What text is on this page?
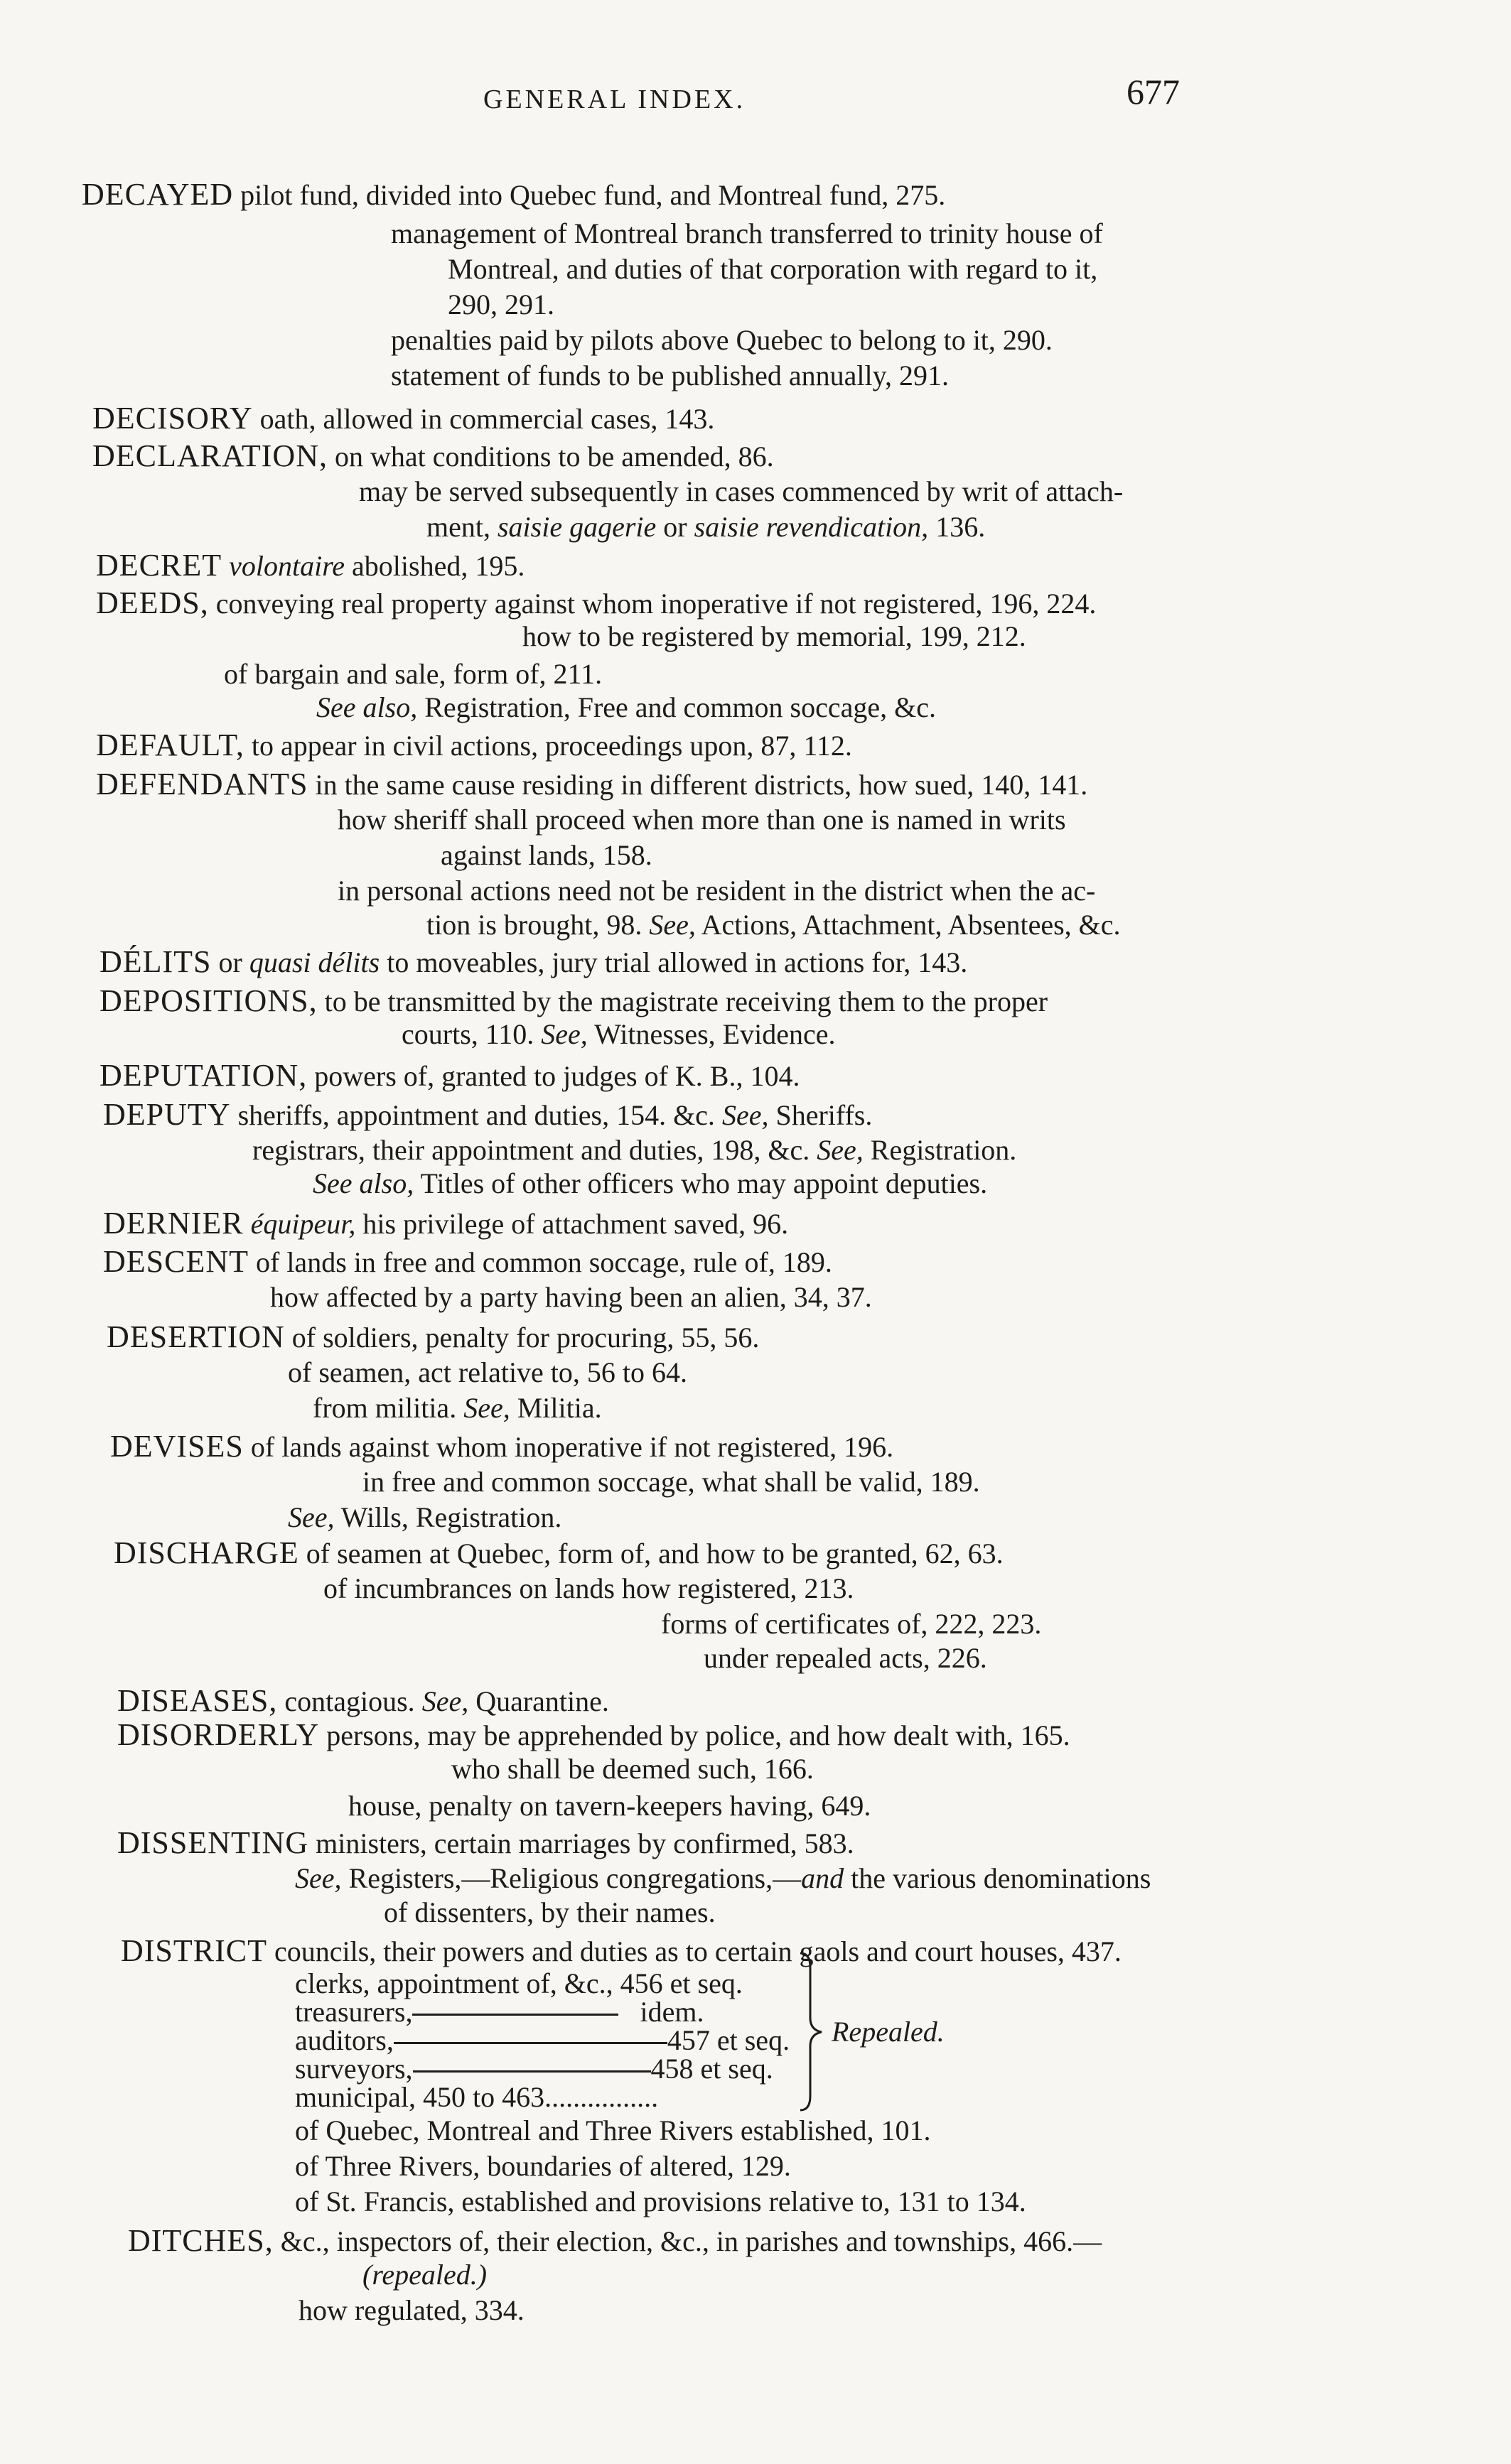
GENERAL INDEX.	677
DECAYED pilot fund, divided into Quebec fund, and Montreal fund, 275.
management of Montreal branch transferred to trinity house of
Montreal, and duties of that corporation with regard to it,
290, 291.
penalties paid by pilots above Quebec to belong to it, 290.
statement of funds to be published annually, 291.
DECISORY oath, allowed in commercial cases, 143.
DECLARATION, on what conditions to be amended, 86.
may be served subsequently in cases commenced by writ of attach-
ment, saisie gagerie or saisie revendication, 136.
DECRET volontaire abolished, 195.
DEEDS, conveying real property against whom inoperative if not registered, 196, 224.
how to be registered by memorial, 199, 212.
of bargain and sale, form of, 211.
See also, Registration, Free and common soccage, &c.
DEFAULT, to appear in civil actions, proceedings upon, 87, 112.
DEFENDANTS in the same cause residing in different districts, how sued, 140, 141.
how sheriff shall proceed when more than one is named in writs
against lands, 158.
in personal actions need not be resident in the district when the ac-
tion is brought, 98. See, Actions, Attachment, Absentees, &c.
DÉLITS or quasi délits to moveables, jury trial allowed in actions for, 143.
DEPOSITIONS, to be transmitted by the magistrate receiving them to the proper
courts, 110. See, Witnesses, Evidence.
DEPUTATION, powers of, granted to judges of K. B., 104.
DEPUTY sheriffs, appointment and duties, 154. &c. See, Sheriffs.
registrars, their appointment and duties, 198, &c. See, Registration.
See also, Titles of other officers who may appoint deputies.
DERNIER équipeur, his privilege of attachment saved, 96.
DESCENT of lands in free and common soccage, rule of, 189.
how affected by a party having been an alien, 34, 37.
DESERTION of soldiers, penalty for procuring, 55, 56.
of seamen, act relative to, 56 to 64.
from militia. See, Militia.
DEVISES of lands against whom inoperative if not registered, 196.
in free and common soccage, what shall be valid, 189.
See, Wills, Registration.
DISCHARGE of seamen at Quebec, form of, and how to be granted, 62, 63.
of incumbrances on lands how registered, 213.
forms of certificates of, 222, 223.
under repealed acts, 226.
DISEASES, contagious. See, Quarantine.
DISORDERLY persons, may be apprehended by police, and how dealt with, 165.
who shall be deemed such, 166.
house, penalty on tavern-keepers having, 649.
DISSENTING ministers, certain marriages by confirmed, 583.
See, Registers,—Religious congregations,—and the various denominations
of dissenters, by their names.
DISTRICT councils, their powers and duties as to certain gaols and court houses, 437.
clerks, appointment of, &c., 456 et seq.
treasurers,	idem.
auditors,	457 et seq.
surveyors,	458 et seq.
municipal, 450 to 463................
Repealed.
of Quebec, Montreal and Three Rivers established, 101.
of Three Rivers, boundaries of altered, 129.
of St. Francis, established and provisions relative to, 131 to 134.
DITCHES, &c., inspectors of, their election, &c., in parishes and townships, 466.—
(repealed.)
how regulated, 334.
